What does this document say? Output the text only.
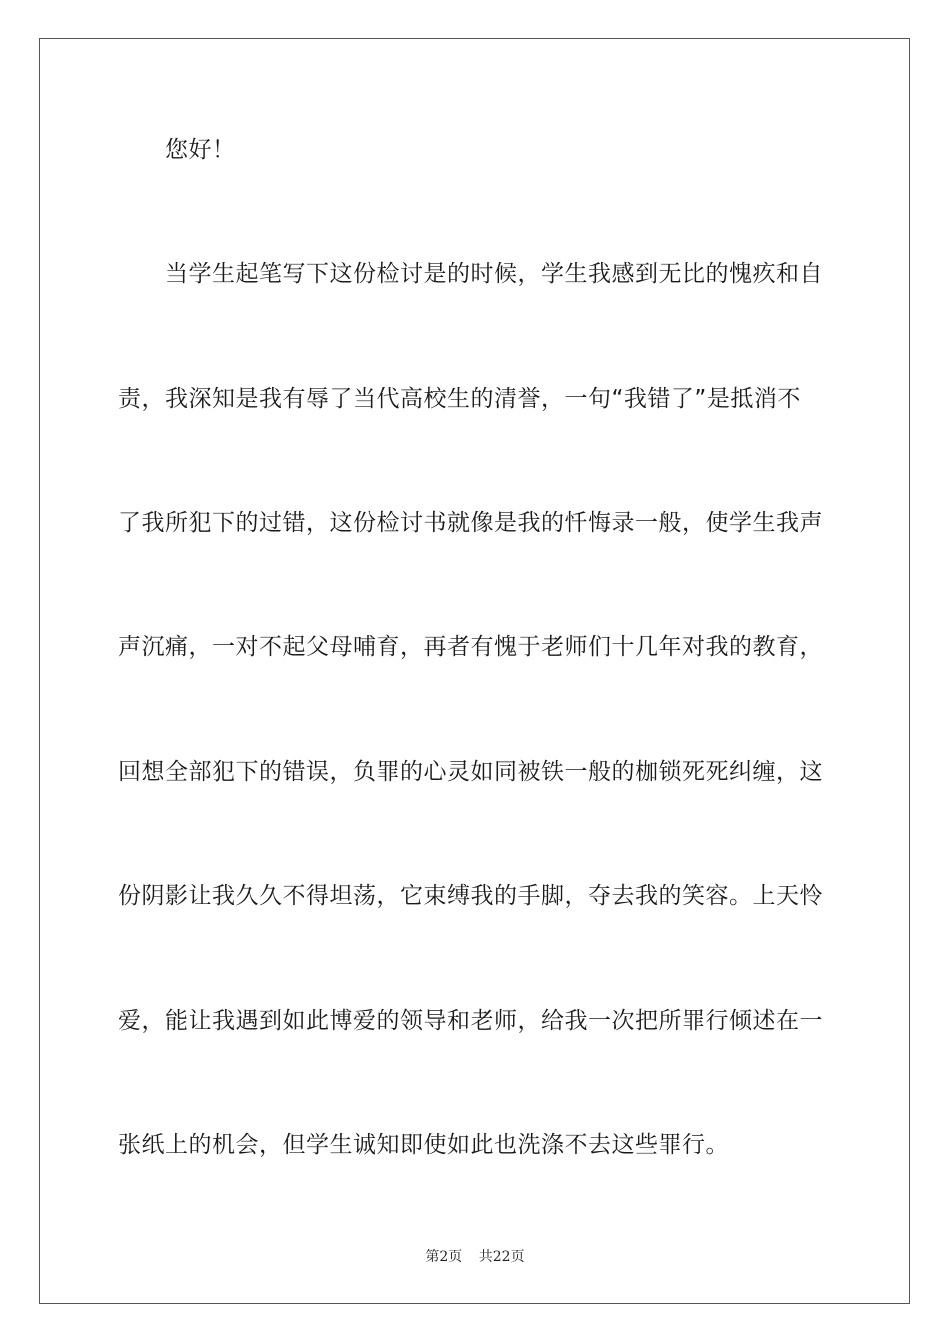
您好！
当学生起笔写下这份检讨是的时候，学生我感到无比的愧疚和自
责，我深知是我有辱了当代高校生的清誉，一句“我错了”是抵消不
了我所犯下的过错，这份检讨书就像是我的忏悔录一般，使学生我声
声沉痛，一对不起父母哺育，再者有愧于老师们十几年对我的教育，
回想全部犯下的错误，负罪的心灵如同被铁一般的枷锁死死纠缠，这
份阴影让我久久不得坦荡，它束缚我的手脚，夺去我的笑容。上天怜
爱，能让我遇到如此博爱的领导和老师，给我一次把所罪行倾述在一
张纸上的机会，但学生诚知即使如此也洗涤不去这些罪行。
第2页 共22页
